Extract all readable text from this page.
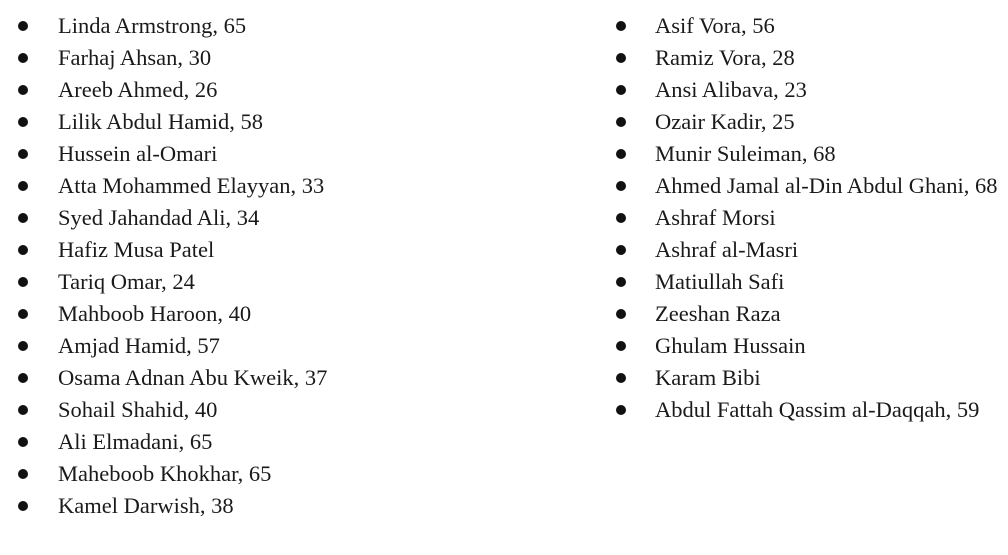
Linda Armstrong, 65
Farhaj Ahsan, 30
Areeb Ahmed, 26
Lilik Abdul Hamid, 58
Hussein al-Omari
Atta Mohammed Elayyan, 33
Syed Jahandad Ali, 34
Hafiz Musa Patel
Tariq Omar, 24
Mahboob Haroon, 40
Amjad Hamid, 57
Osama Adnan Abu Kweik, 37
Sohail Shahid, 40
Ali Elmadani, 65
Maheboob Khokhar, 65
Kamel Darwish, 38
Asif Vora, 56
Ramiz Vora, 28
Ansi Alibava, 23
Ozair Kadir, 25
Munir Suleiman, 68
Ahmed Jamal al-Din Abdul Ghani, 68
Ashraf Morsi
Ashraf al-Masri
Matiullah Safi
Zeeshan Raza
Ghulam Hussain
Karam Bibi
Abdul Fattah Qassim al-Daqqah, 59
